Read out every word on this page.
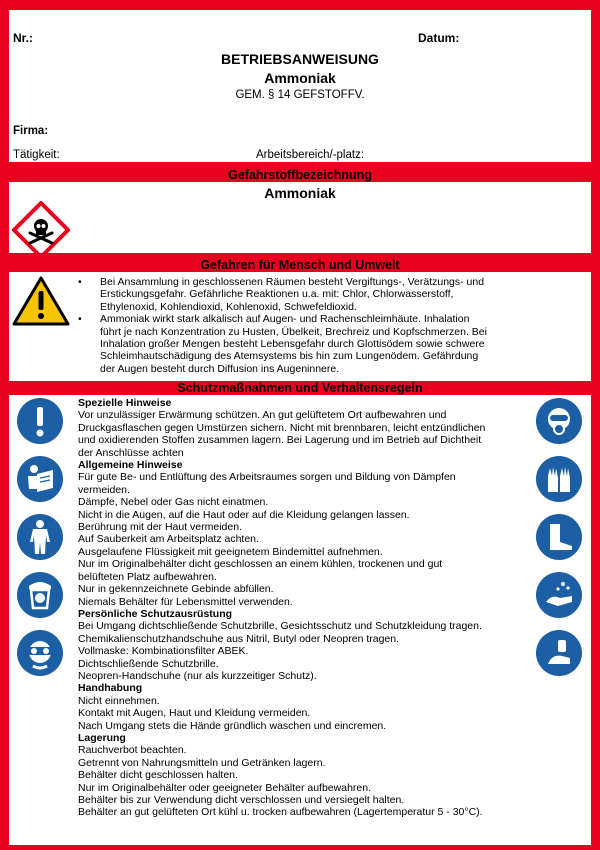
Nr.:	Datum:
BETRIEBSANWEISUNG
Ammoniak
GEM. § 14 GEFSTOFFV.
Firma:
Tätigkeit:	Arbeitsbereich/-platz:
Gefahrstoffbezeichnung
Ammoniak
Gefahren für Mensch und Umwelt
• Bei Ansammlung in geschlossenen Räumen besteht Vergiftungs-, Verätzungs- und
Erstickungsgefahr. Gefährliche Reaktionen u.a. mit: Chlor, Chlorwasserstoff,
Ethylenoxid, Kohlendioxid, Kohlenoxid, Schwefeldioxid.
• Ammoniak wirkt stark alkalisch auf Augen- und Rachenschleimhäute. Inhalation
führt je nach Konzentration zu Husten, Übelkeit, Brechreiz und Kopfschmerzen. Bei
Inhalation großer Mengen besteht Lebensgefahr durch Glottisödem sowie schwere
Schleimhautschädigung des Atemsystems bis hin zum Lungenödem. Gefährdung
der Augen besteht durch Diffusion ins Augeninnere.
Schutzmaßnahmen und Verhaltensregeln
Spezielle Hinweise
Vor unzulässiger Erwärmung schützen. An gut gelüftetem Ort aufbewahren und
Druckgasflaschen gegen Umstürzen sichern. Nicht mit brennbaren, leicht entzündlichen
und oxidierenden Stoffen zusammen lagern. Bei Lagerung und im Betrieb auf Dichtheit
der Anschlüsse achten
Allgemeine Hinweise
Für gute Be- und Entlüftung des Arbeitsraumes sorgen und Bildung von Dämpfen
vermeiden.
Dämpfe, Nebel oder Gas nicht einatmen.
Nicht in die Augen, auf die Haut oder auf die Kleidung gelangen lassen.
Berührung mit der Haut vermeiden.
Auf Sauberkeit am Arbeitsplatz achten.
Ausgelaufene Flüssigkeit mit geeignetem Bindemittel aufnehmen.
Nur im Originalbehälter dicht geschlossen an einem kühlen, trockenen und gut
belüfteten Platz aufbewahren.
Nur in gekennzeichnete Gebinde abfüllen.
Niemals Behälter für Lebensmittel verwenden.
Persönliche Schutzausrüstung
Bei Umgang dichtschließende Schutzbrille, Gesichtsschutz und Schutzkleidung tragen.
Chemikalienschutzhandschuhe aus Nitril, Butyl oder Neopren tragen.
Vollmaske: Kombinationsfilter ABEK.
Dichtschließende Schutzbrille.
Neopren-Handschuhe (nur als kurzzeitiger Schutz).
Handhabung
Nicht einnehmen.
Kontakt mit Augen, Haut und Kleidung vermeiden.
Nach Umgang stets die Hände gründlich waschen und eincremen.
Lagerung
Rauchverbot beachten.
Getrennt von Nahrungsmitteln und Getränken lagern.
Behälter dicht geschlossen halten.
Nur im Originalbehälter oder geeigneter Behälter aufbewahren.
Behälter bis zur Verwendung dicht verschlossen und versiegelt halten.
Behälter an gut gelüfteten Ort kühl u. trocken aufbewahren (Lagertemperatur 5 - 30°C).
